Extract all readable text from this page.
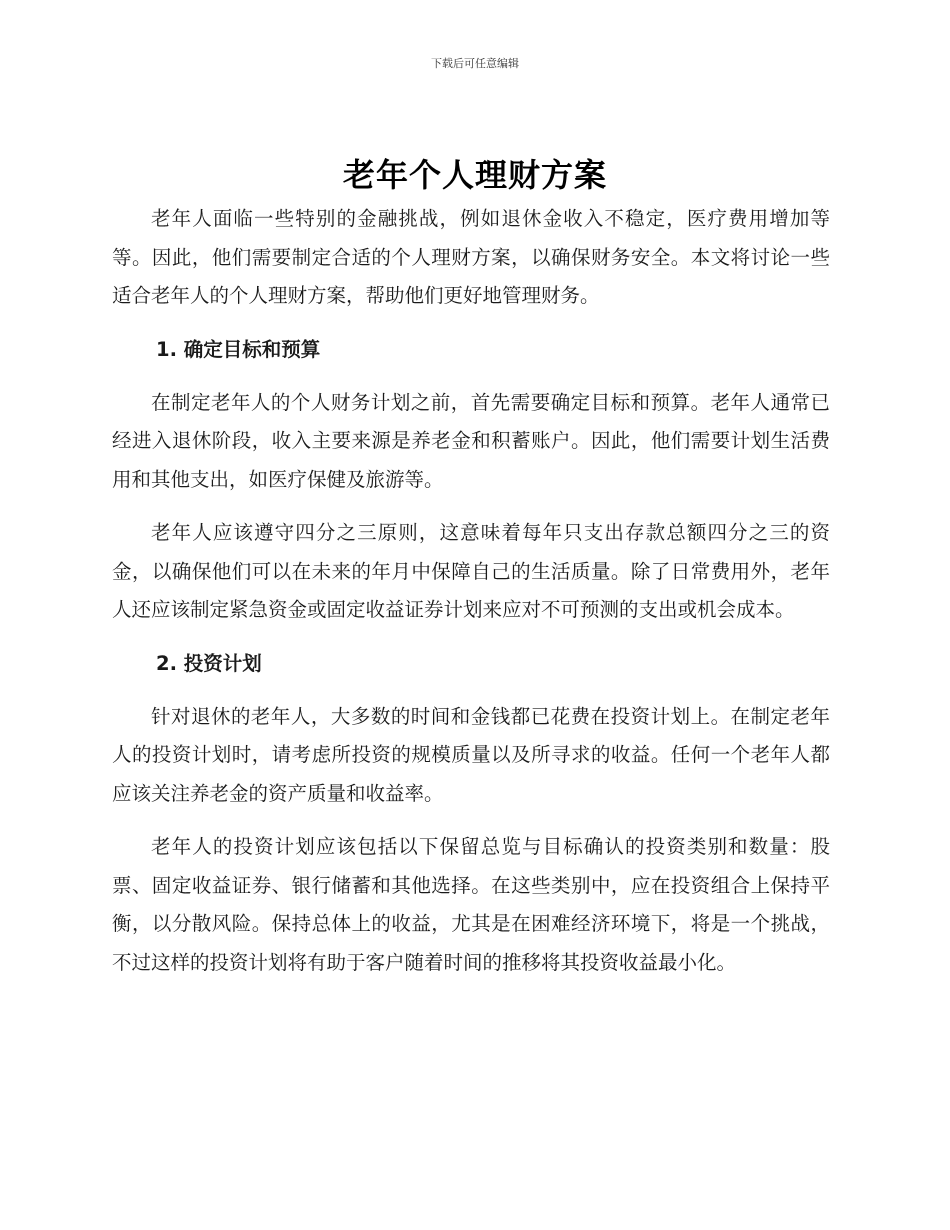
下载后可任意编辑
老年个人理财方案

老年人面临一些特别的金融挑战，例如退休金收入不稳定，医疗费用增加等等。因此，他们需要制定合适的个人理财方案，以确保财务安全。本文将讨论一些适合老年人的个人理财方案，帮助他们更好地管理财务。

1. 确定目标和预算

在制定老年人的个人财务计划之前，首先需要确定目标和预算。老年人通常已经进入退休阶段，收入主要来源是养老金和积蓄账户。因此，他们需要计划生活费用和其他支出，如医疗保健及旅游等。

老年人应该遵守四分之三原则，这意味着每年只支出存款总额四分之三的资金，以确保他们可以在未来的年月中保障自己的生活质量。除了日常费用外，老年人还应该制定紧急资金或固定收益证券计划来应对不可预测的支出或机会成本。

2. 投资计划

针对退休的老年人，大多数的时间和金钱都已花费在投资计划上。在制定老年人的投资计划时，请考虑所投资的规模质量以及所寻求的收益。任何一个老年人都应该关注养老金的资产质量和收益率。

老年人的投资计划应该包括以下保留总览与目标确认的投资类别和数量：股票、固定收益证券、银行储蓄和其他选择。在这些类别中，应在投资组合上保持平衡，以分散风险。保持总体上的收益，尤其是在困难经济环境下，将是一个挑战，不过这样的投资计划将有助于客户随着时间的推移将其投资收益最小化。
